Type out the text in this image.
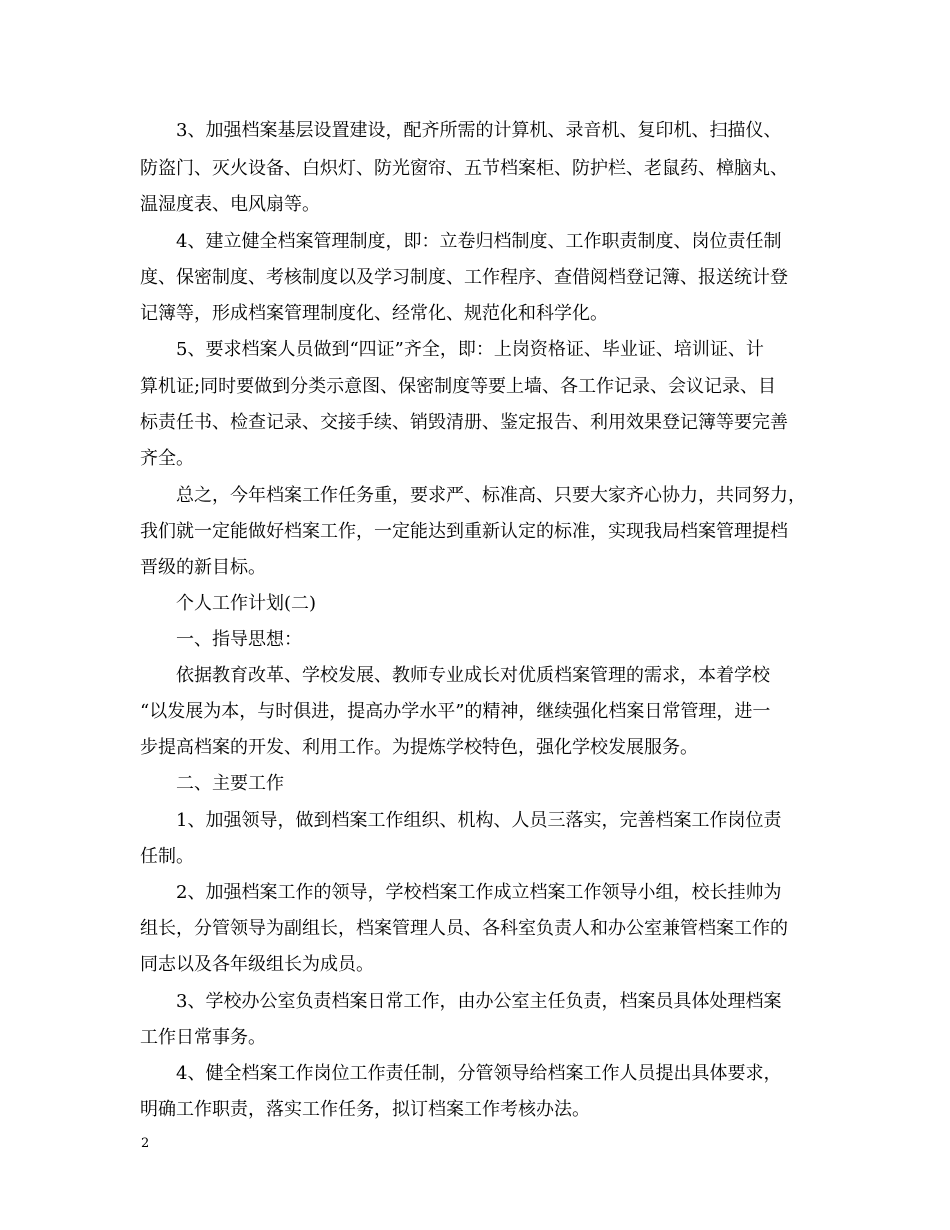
3、加强档案基层设置建设，配齐所需的计算机、录音机、复印机、扫描仪、
防盗门、灭火设备、白炽灯、防光窗帘、五节档案柜、防护栏、老鼠药、樟脑丸、
温湿度表、电风扇等。
4、建立健全档案管理制度，即：立卷归档制度、工作职责制度、岗位责任制
度、保密制度、考核制度以及学习制度、工作程序、查借阅档登记簿、报送统计登
记簿等，形成档案管理制度化、经常化、规范化和科学化。
5、要求档案人员做到“四证”齐全，即：上岗资格证、毕业证、培训证、计
算机证;同时要做到分类示意图、保密制度等要上墙、各工作记录、会议记录、目
标责任书、检查记录、交接手续、销毁清册、鉴定报告、利用效果登记簿等要完善
齐全。
总之，今年档案工作任务重，要求严、标准高、只要大家齐心协力，共同努力，
我们就一定能做好档案工作，一定能达到重新认定的标准，实现我局档案管理提档
晋级的新目标。
个人工作计划(二)
一、指导思想：
依据教育改革、学校发展、教师专业成长对优质档案管理的需求，本着学校
“以发展为本，与时俱进，提高办学水平”的精神，继续强化档案日常管理，进一
步提高档案的开发、利用工作。为提炼学校特色，强化学校发展服务。
二、主要工作
1、加强领导，做到档案工作组织、机构、人员三落实，完善档案工作岗位责
任制。
2、加强档案工作的领导，学校档案工作成立档案工作领导小组，校长挂帅为
组长，分管领导为副组长，档案管理人员、各科室负责人和办公室兼管档案工作的
同志以及各年级组长为成员。
3、学校办公室负责档案日常工作，由办公室主任负责，档案员具体处理档案
工作日常事务。
4、健全档案工作岗位工作责任制，分管领导给档案工作人员提出具体要求，
明确工作职责，落实工作任务，拟订档案工作考核办法。
2
